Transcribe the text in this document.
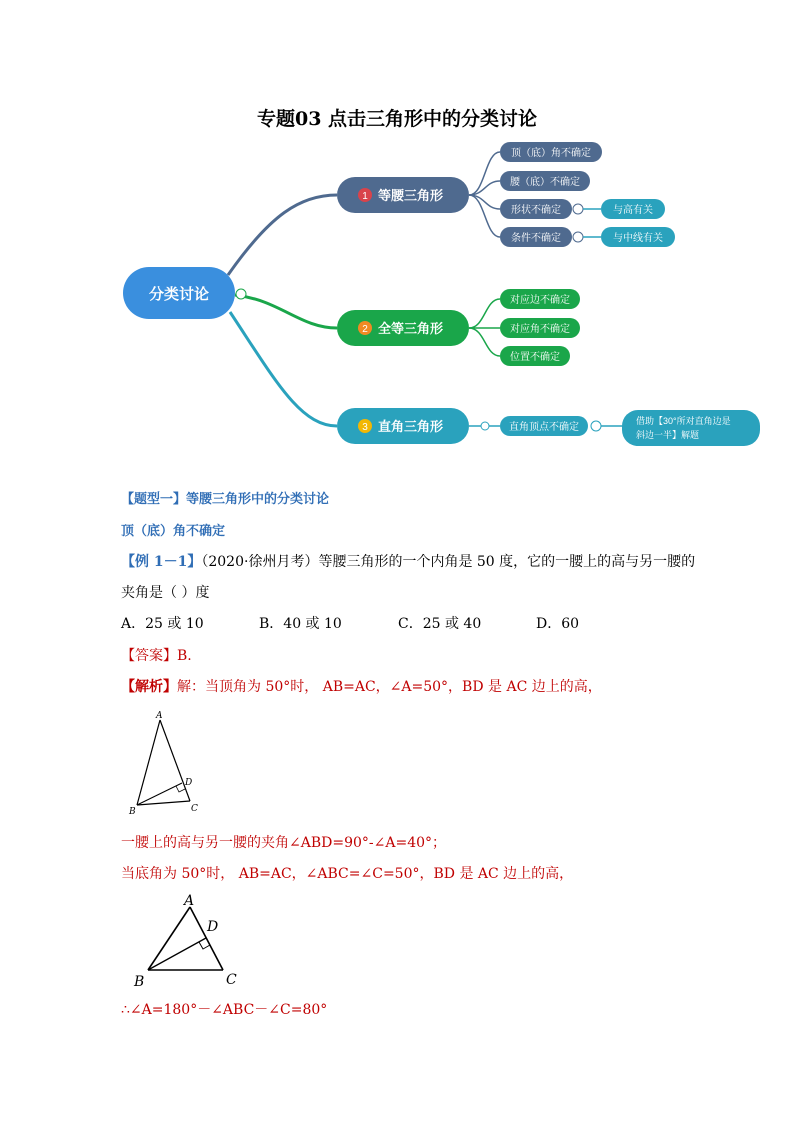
专题03 点击三角形中的分类讨论
分类讨论
1 等腰三角形
顶（底）角不确定
腰（底）不确定
形状不确定	与高有关
条件不确定	与中线有关
2 全等三角形
对应边不确定
对应角不确定
位置不确定
3 直角三角形	直角顶点不确定
借助【30°所对直角边是
斜边一半】解题
【题型一】等腰三角形中的分类讨论
顶（底）角不确定
【例 1－1】（2020·徐州月考）等腰三角形的一个内角是 50 度，它的一腰上的高与另一腰的
夹角是（ ）度
A．25 或 10	B．40 或 10	C．25 或 40	D．60
【答案】B.
【解析】解：当顶角为 50°时， AB=AC，∠A=50°，BD 是 AC 边上的高，
A
D
B	C
一腰上的高与另一腰的夹角∠ABD=90°-∠A=40°；
当底角为 50°时， AB=AC，∠ABC=∠C=50°，BD 是 AC 边上的高，
A
D
B	C
∴∠A=180°－∠ABC－∠C=80°
